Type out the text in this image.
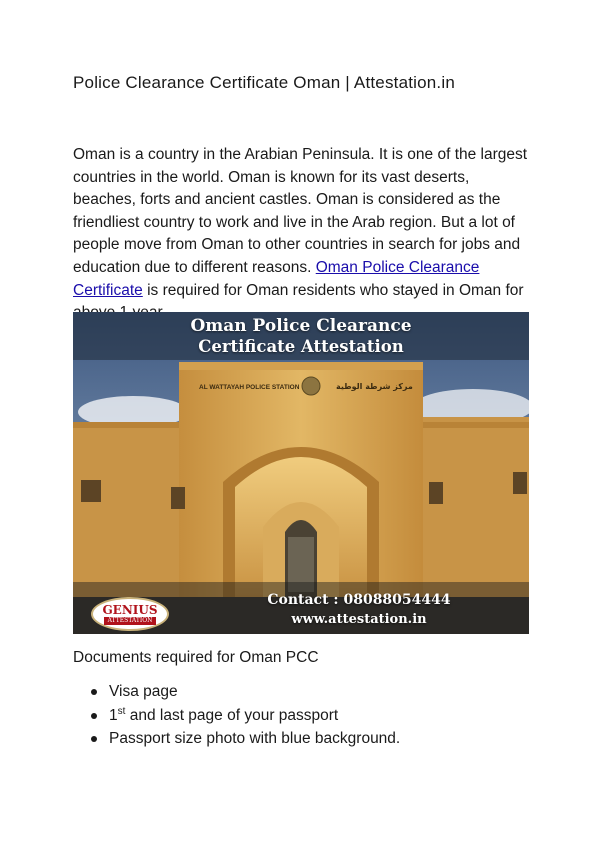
Police Clearance Certificate Oman | Attestation.in

Oman is a country in the Arabian Peninsula. It is one of the largest countries in the world. Oman is known for its vast deserts, beaches, forts and ancient castles. Oman is considered as the friendliest country to work and live in the Arab region. But a lot of people move from Oman to other countries in search for jobs and education due to different reasons. Oman Police Clearance Certificate is required for Oman residents who stayed in Oman for

Oman Police Clearance
Certificate Attestation
AL WATTAYAH POLICE STATION	مركز شرطة الوطية
GENIUS
ATTESTATION
Contact : 08088054444
www.attestation.in
Documents required for Oman PCC
Visa page
1st and last page of your passport
Passport size photo with blue background.
